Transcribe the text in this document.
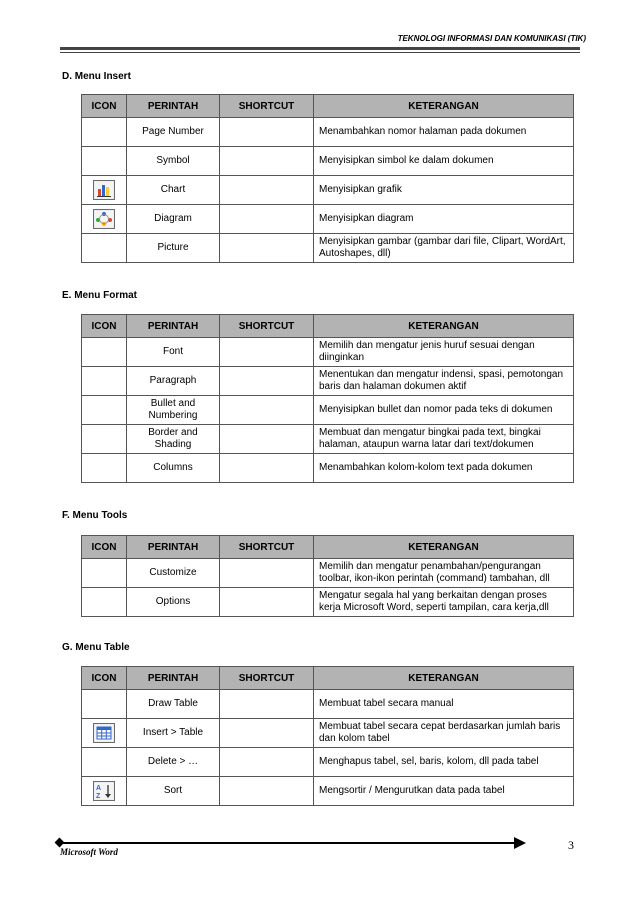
TEKNOLOGI INFORMASI DAN KOMUNIKASI (TIK)
D. Menu Insert
ICON	PERINTAH	SHORTCUT	KETERANGAN
	Page Number		Menambahkan nomor halaman pada dokumen
	Symbol		Menyisipkan simbol ke dalam dokumen

	Chart		Menyisipkan grafik

	Diagram		Menyisipkan diagram
	Picture		Menyisipkan gambar (gambar dari file, Clipart, WordArt, Autoshapes, dll)
E. Menu Format
ICON	PERINTAH	SHORTCUT	KETERANGAN
	Font		Memilih dan mengatur jenis huruf sesuai dengan diinginkan
	Paragraph		Menentukan dan mengatur indensi, spasi, pemotongan baris dan halaman dokumen aktif
	Bullet and Numbering		Menyisipkan bullet dan nomor pada teks di dokumen
	Border and Shading		Membuat dan mengatur bingkai pada text, bingkai halaman, ataupun warna latar dari text/dokumen
	Columns		Menambahkan kolom-kolom text pada dokumen
F. Menu Tools
ICON	PERINTAH	SHORTCUT	KETERANGAN
	Customize		Memilih dan mengatur penambahan/pengurangan toolbar, ikon-ikon perintah (command) tambahan, dll
	Options		Mengatur segala hal yang berkaitan dengan proses kerja Microsoft Word, seperti tampilan, cara kerja,dll
G. Menu Table
ICON	PERINTAH	SHORTCUT	KETERANGAN
	Draw Table		Membuat tabel secara manual

	Insert > Table		Membuat tabel secara cepat berdasarkan jumlah baris dan kolom tabel
	Delete > …		Menghapus tabel, sel, baris, kolom, dll pada tabel

A
Z	Sort		Mengsortir / Mengurutkan data pada tabel
Microsoft Word	3
